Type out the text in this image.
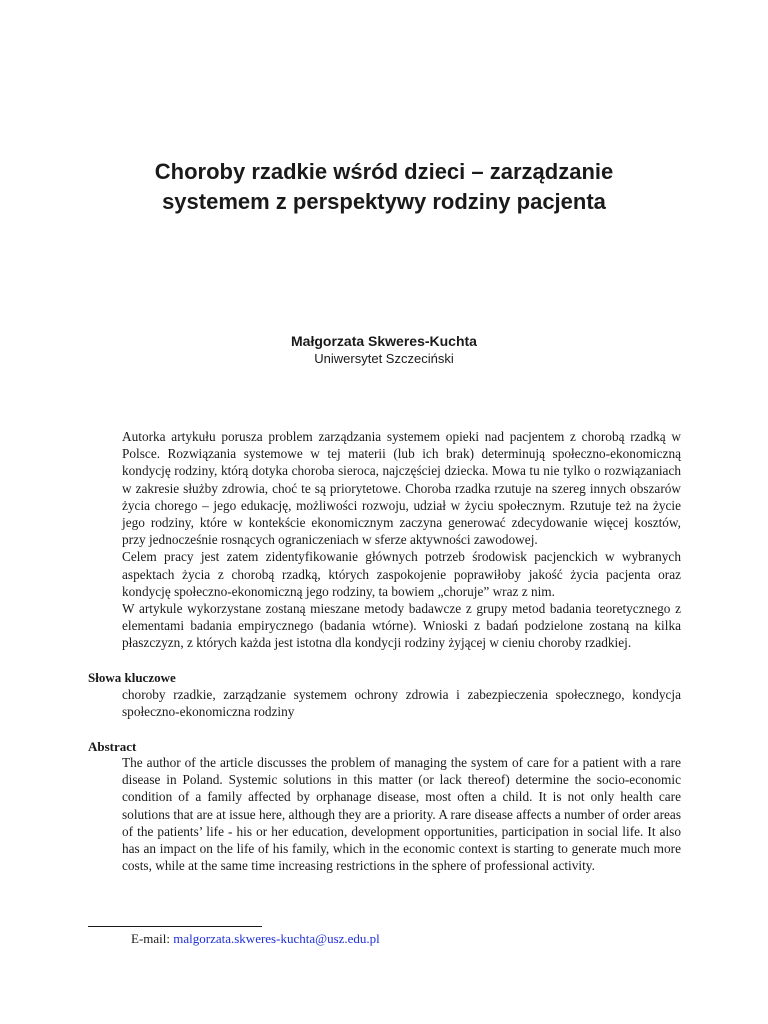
Choroby rzadkie wśród dzieci – zarządzanie
systemem z perspektywy rodziny pacjenta
Małgorzata Skweres-Kuchta
Uniwersytet Szczeciński

Autorka artykułu porusza problem zarządzania systemem opieki nad pacjentem z chorobą rzadką w Polsce. Rozwiązania systemowe w tej materii (lub ich brak) determinują społeczno-ekonomiczną kondycję rodziny, którą dotyka choroba sieroca, najczęściej dziecka. Mowa tu nie tylko o rozwiązaniach w zakresie służby zdrowia, choć te są priorytetowe. Choroba rzadka rzutuje na szereg innych obszarów życia chorego – jego edukację, możliwości rozwoju, udział w życiu społecznym. Rzutuje też na życie jego rodziny, które w kontekście ekonomicznym zaczyna generować zdecydowanie więcej kosztów, przy jednocześnie rosnących ograniczeniach w sferze aktywności zawodowej.

Celem pracy jest zatem zidentyfikowanie głównych potrzeb środowisk pacjenckich w wybranych aspektach życia z chorobą rzadką, których zaspokojenie poprawiłoby jakość życia pacjenta oraz kondycję społeczno-ekonomiczną jego rodziny, ta bowiem „choruje” wraz z nim.

W artykule wykorzystane zostaną mieszane metody badawcze z grupy metod badania teoretycznego z elementami badania empirycznego (badania wtórne). Wnioski z badań podzielone zostaną na kilka płaszczyzn, z których każda jest istotna dla kondycji rodziny żyjącej w cieniu choroby rzadkiej.

Słowa kluczowe
choroby rzadkie, zarządzanie systemem ochrony zdrowia i zabezpieczenia społecznego, kondycja społeczno-ekonomiczna rodziny
Abstract
The author of the article discusses the problem of managing the system of care for a patient with a rare disease in Poland. Systemic solutions in this matter (or lack thereof) determine the socio-economic condition of a family affected by orphanage disease, most often a child. It is not only health care solutions that are at issue here, although they are a priority. A rare disease affects a number of order areas of the patients’ life - his or her education, development opportunities, participation in social life. It also has an impact on the life of his family, which in the economic context is starting to generate much more costs, while at the same time increasing restrictions in the sphere of professional activity.
E-mail: malgorzata.skweres-kuchta@usz.edu.pl
